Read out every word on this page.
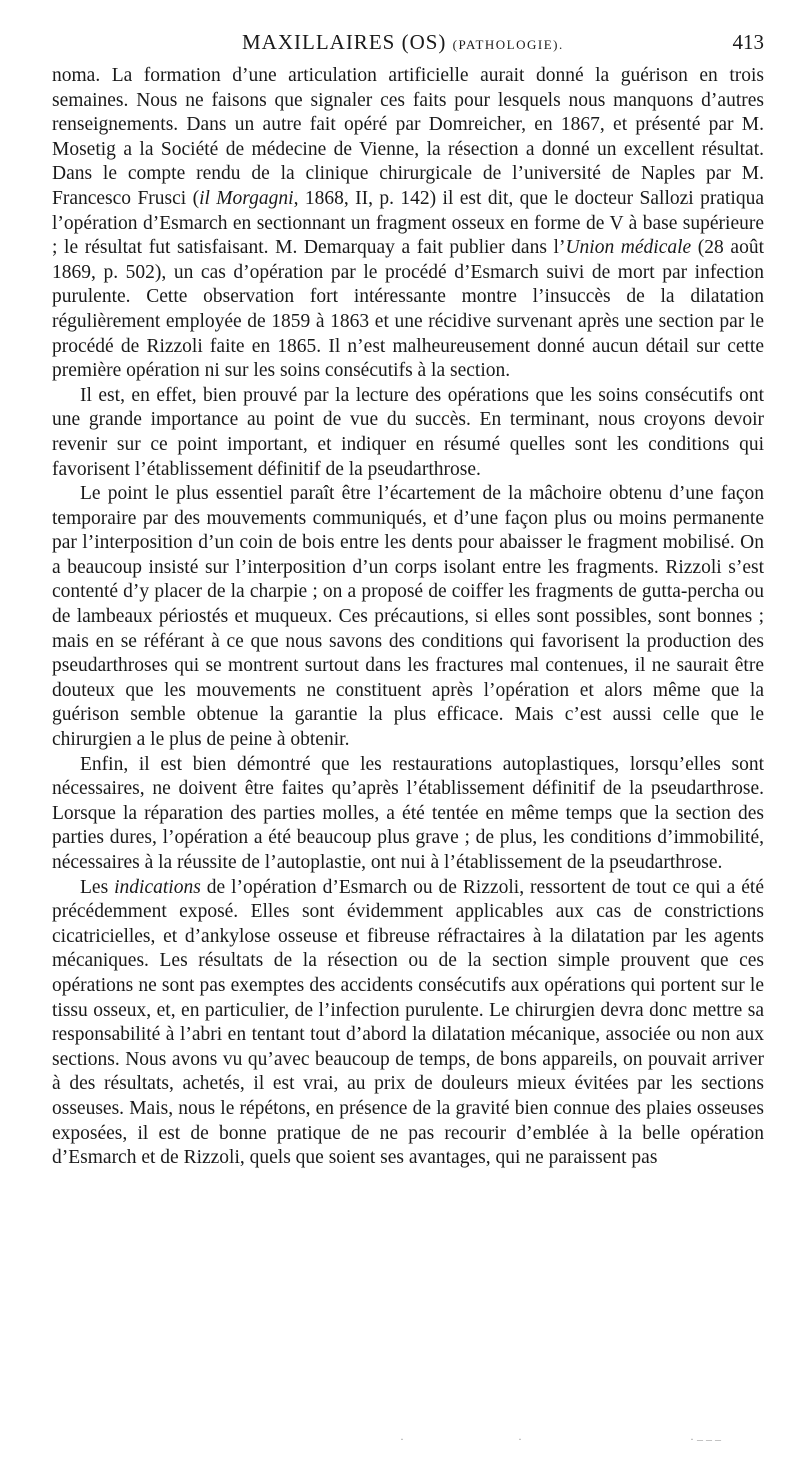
MAXILLAIRES (OS) (PATHOLOGIE).	413

noma. La formation d’une articulation artificielle aurait donné la guérison en trois semaines. Nous ne faisons que signaler ces faits pour lesquels nous manquons d’autres renseignements. Dans un autre fait opéré par Domreicher, en 1867, et présenté par M. Mosetig a la Société de médecine de Vienne, la résection a donné un excellent résultat. Dans le compte rendu de la clinique chirurgicale de l’université de Naples par M. Francesco Frusci (il Morgagni, 1868, II, p. 142) il est dit, que le docteur Sallozi pratiqua l’opération d’Esmarch en sectionnant un fragment osseux en forme de V à base supérieure ; le résultat fut satisfaisant. M. Demarquay a fait publier dans l’Union médicale (28 août 1869, p. 502), un cas d’opération par le procédé d’Esmarch suivi de mort par infection purulente. Cette observation fort intéressante montre l’insuccès de la dilatation régulièrement employée de 1859 à 1863 et une récidive survenant après une section par le procédé de Rizzoli faite en 1865. Il n’est malheureusement donné aucun détail sur cette première opération ni sur les soins consécutifs à la section.

Il est, en effet, bien prouvé par la lecture des opérations que les soins consécutifs ont une grande importance au point de vue du succès. En terminant, nous croyons devoir revenir sur ce point important, et indiquer en résumé quelles sont les conditions qui favorisent l’établissement définitif de la pseudarthrose.

Le point le plus essentiel paraît être l’écartement de la mâchoire obtenu d’une façon temporaire par des mouvements communiqués, et d’une façon plus ou moins permanente par l’interposition d’un coin de bois entre les dents pour abaisser le fragment mobilisé. On a beaucoup insisté sur l’interposition d’un corps isolant entre les fragments. Rizzoli s’est contenté d’y placer de la charpie ; on a proposé de coiffer les fragments de gutta-percha ou de lambeaux périostés et muqueux. Ces précautions, si elles sont possibles, sont bonnes ; mais en se référant à ce que nous savons des conditions qui favorisent la production des pseudarthroses qui se montrent surtout dans les fractures mal contenues, il ne saurait être douteux que les mouvements ne constituent après l’opération et alors même que la guérison semble obtenue la garantie la plus efficace. Mais c’est aussi celle que le chirurgien a le plus de peine à obtenir.

Enfin, il est bien démontré que les restaurations autoplastiques, lorsqu’elles sont nécessaires, ne doivent être faites qu’après l’établissement définitif de la pseudarthrose. Lorsque la réparation des parties molles, a été tentée en même temps que la section des parties dures, l’opération a été beaucoup plus grave ; de plus, les conditions d’immobilité, nécessaires à la réussite de l’autoplastie, ont nui à l’établissement de la pseudarthrose.

Les indications de l’opération d’Esmarch ou de Rizzoli, ressortent de tout ce qui a été précédemment exposé. Elles sont évidemment applicables aux cas de constrictions cicatricielles, et d’ankylose osseuse et fibreuse réfractaires à la dilatation par les agents mécaniques. Les résultats de la résection ou de la section simple prouvent que ces opérations ne sont pas exemptes des accidents consécutifs aux opérations qui portent sur le tissu osseux, et, en particulier, de l’infection purulente. Le chirurgien devra donc mettre sa responsabilité à l’abri en tentant tout d’abord la dilatation mécanique, associée ou non aux sections. Nous avons vu qu’avec beaucoup de temps, de bons appareils, on pouvait arriver à des résultats, achetés, il est vrai, au prix de douleurs mieux évitées par les sections osseuses. Mais, nous le répétons, en présence de la gravité bien connue des plaies osseuses exposées, il est de bonne pratique de ne pas recourir d’emblée à la belle opération d’Esmarch et de Rizzoli, quels que soient ses avantages, qui ne paraissent pas

·	·	· – – –
